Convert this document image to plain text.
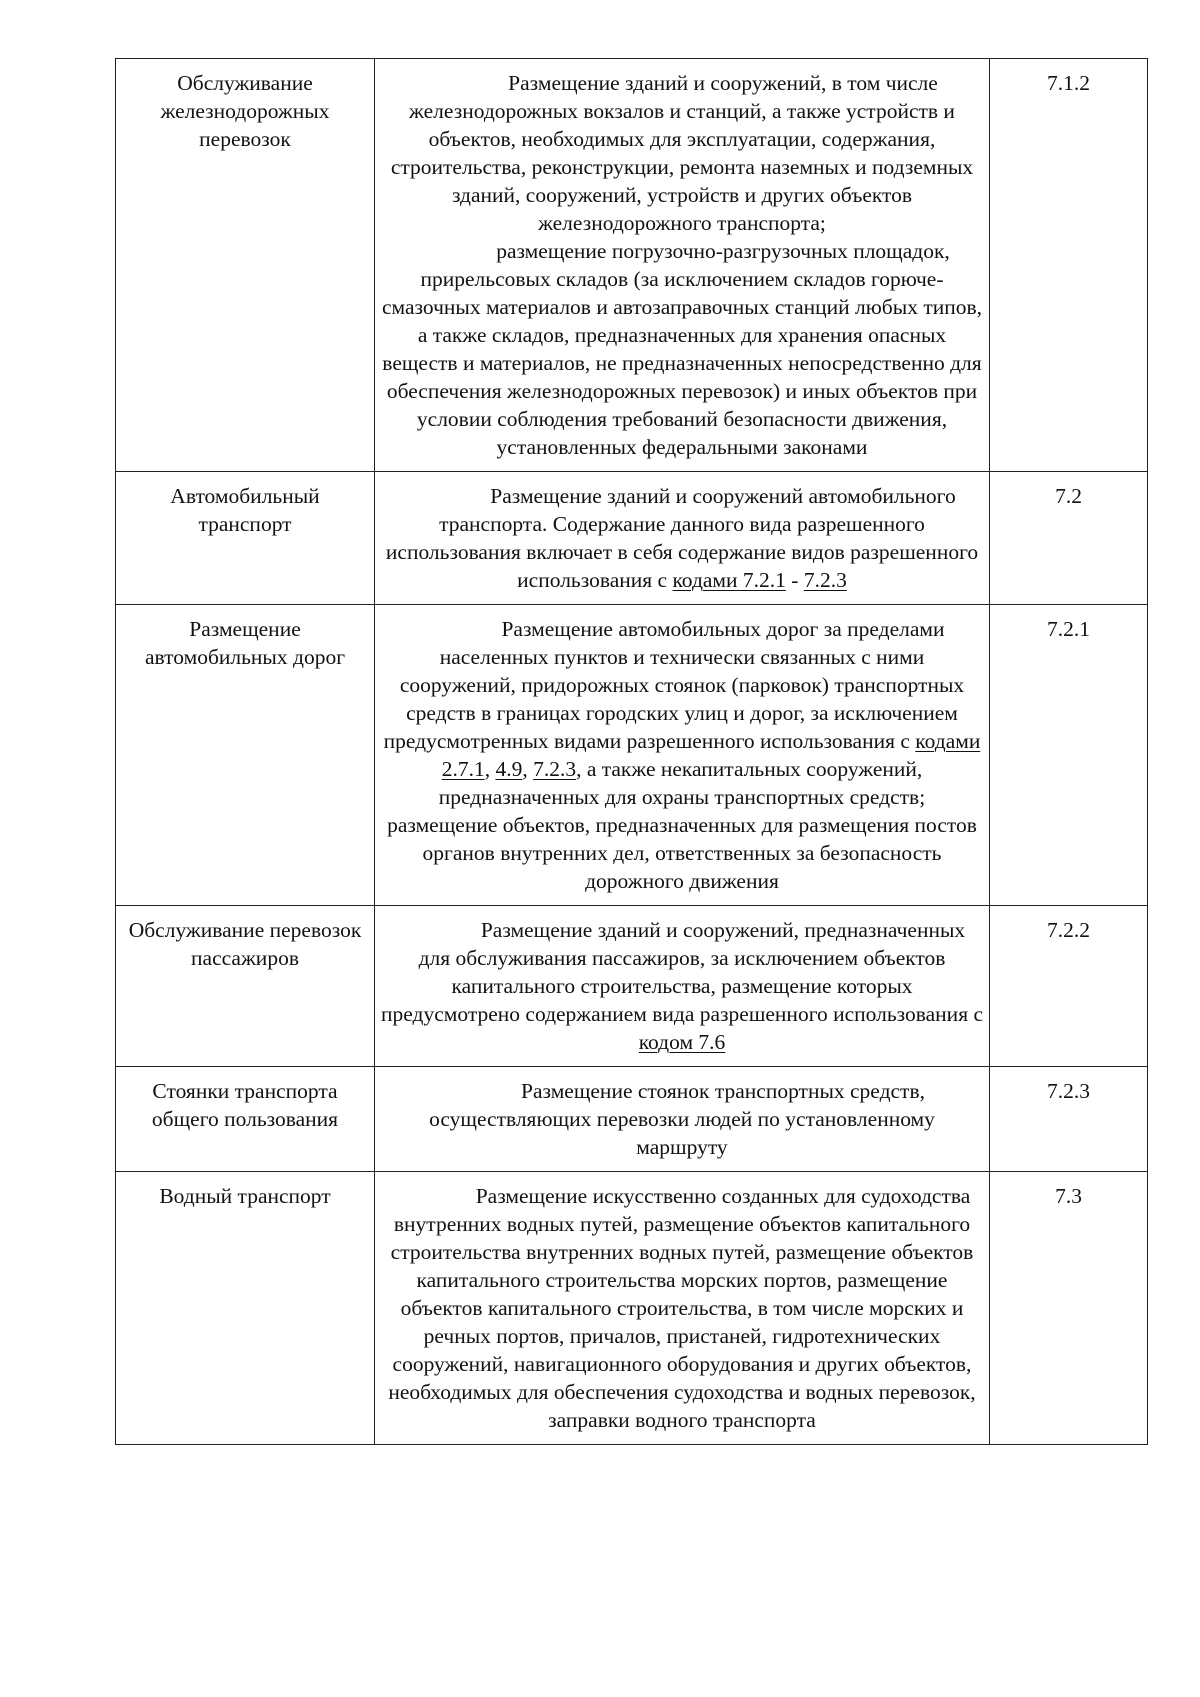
Обслуживание железнодорожных перевозок	Размещение зданий и сооружений, в том числе железнодорожных вокзалов и станций, а также устройств и объектов, необходимых для эксплуатации, содержания, строительства, реконструкции, ремонта наземных и подземных зданий, сооружений, устройств и других объектов железнодорожного транспорта;
размещение погрузочно-разгрузочных площадок, прирельсовых складов (за исключением складов горюче-смазочных материалов и автозаправочных станций любых типов, а также складов, предназначенных для хранения опасных веществ и материалов, не предназначенных непосредственно для обеспечения железнодорожных перевозок) и иных объектов при условии соблюдения требований безопасности движения, установленных федеральными законами	7.1.2
Автомобильный транспорт	Размещение зданий и сооружений автомобильного транспорта. Содержание данного вида разрешенного использования включает в себя содержание видов разрешенного использования с кодами 7.2.1 - 7.2.3	7.2
Размещение автомобильных дорог	Размещение автомобильных дорог за пределами населенных пунктов и технически связанных с ними сооружений, придорожных стоянок (парковок) транспортных средств в границах городских улиц и дорог, за исключением предусмотренных видами разрешенного использования с кодами 2.7.1, 4.9, 7.2.3, а также некапитальных сооружений, предназначенных для охраны транспортных средств; размещение объектов, предназначенных для размещения постов органов внутренних дел, ответственных за безопасность дорожного движения	7.2.1
Обслуживание перевозок пассажиров	Размещение зданий и сооружений, предназначенных для обслуживания пассажиров, за исключением объектов капитального строительства, размещение которых предусмотрено содержанием вида разрешенного использования с кодом 7.6	7.2.2
Стоянки транспорта общего пользования	Размещение стоянок транспортных средств, осуществляющих перевозки людей по установленному маршруту	7.2.3
Водный транспорт	Размещение искусственно созданных для судоходства внутренних водных путей, размещение объектов капитального строительства внутренних водных путей, размещение объектов капитального строительства морских портов, размещение объектов капитального строительства, в том числе морских и речных портов, причалов, пристаней, гидротехнических сооружений, навигационного оборудования и других объектов, необходимых для обеспечения судоходства и водных перевозок, заправки водного транспорта	7.3
